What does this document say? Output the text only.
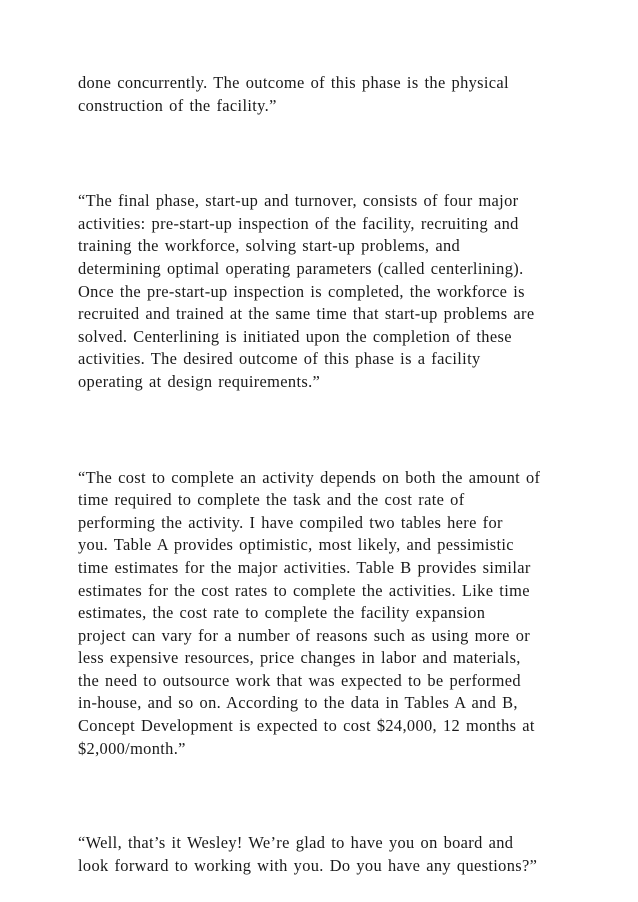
done concurrently. The outcome of this phase is the physical
construction of the facility.”

“The final phase, start-up and turnover, consists of four major
activities: pre-start-up inspection of the facility, recruiting and
training the workforce, solving start-up problems, and
determining optimal operating parameters (called centerlining).
Once the pre-start-up inspection is completed, the workforce is
recruited and trained at the same time that start-up problems are
solved. Centerlining is initiated upon the completion of these
activities. The desired outcome of this phase is a facility
operating at design requirements.”

“The cost to complete an activity depends on both the amount of
time required to complete the task and the cost rate of
performing the activity. I have compiled two tables here for
you. Table A provides optimistic, most likely, and pessimistic
time estimates for the major activities. Table B provides similar
estimates for the cost rates to complete the activities. Like time
estimates, the cost rate to complete the facility expansion
project can vary for a number of reasons such as using more or
less expensive resources, price changes in labor and materials,
the need to outsource work that was expected to be performed
in-house, and so on. According to the data in Tables A and B,
Concept Development is expected to cost $24,000, 12 months at
$2,000/month.”

“Well, that’s it Wesley! We’re glad to have you on board and
look forward to working with you. Do you have any questions?”
